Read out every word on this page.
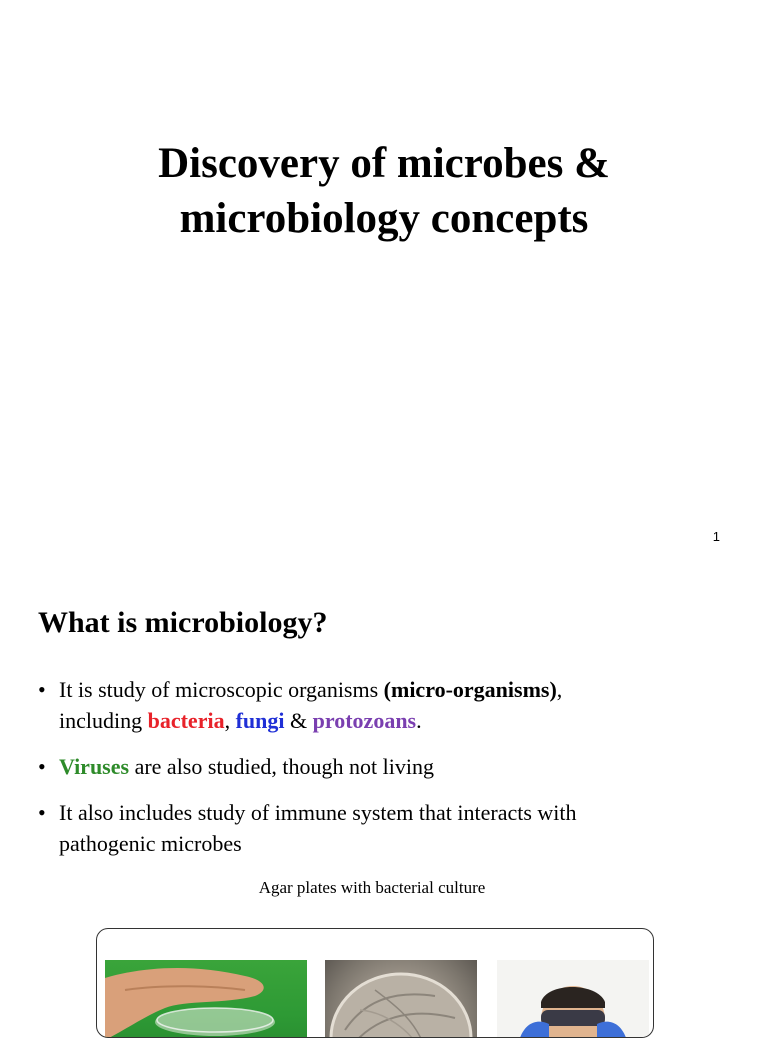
Discovery of microbes &
microbiology concepts
1
What is microbiology?
• It is study of microscopic organisms (micro-organisms),
including bacteria, fungi & protozoans.
• Viruses are also studied, though not living
• It also includes study of immune system that interacts with pathogenic microbes
Agar plates with bacterial culture
